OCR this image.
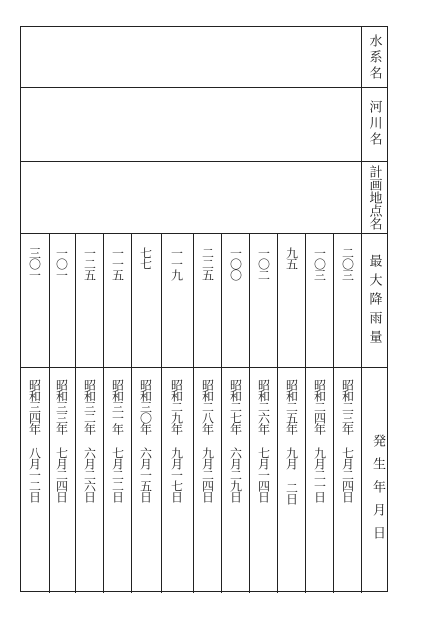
水系名
河川名
計画地点名
最大降雨量
発生年月日
二〇三
昭和二三年 七月二四日
一〇三
昭和二四年 九月二一日
九五
昭和二五年 九月 二日
一〇二
昭和二六年 七月一四日
一〇〇
昭和二七年 六月二九日
二二五
昭和二八年 九月二四日
一一九
昭和二九年 九月一七日
七七
昭和三〇年 六月一五日
一一五
昭和三一年 七月二二日
一二五
昭和三二年 六月二六日
一〇一
昭和三三年 七月二四日
三〇一
昭和三四年 八月一二日
